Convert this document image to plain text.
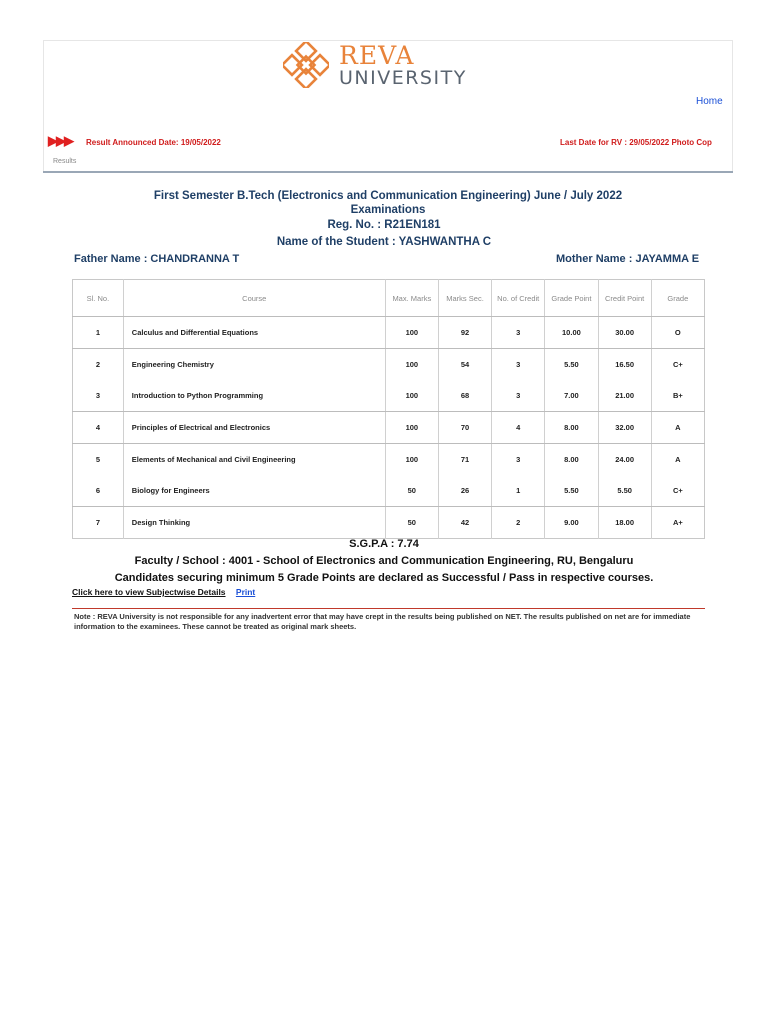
REVA
UNIVERSITY
Home
▶▶▶ Result Announced Date: 19/05/2022	Last Date for RV : 29/05/2022 Photo Cop
Results
First Semester B.Tech (Electronics and Communication Engineering) June / July 2022 Examinations
Reg. No. : R21EN181
Name of the Student : YASHWANTHA C
Father Name : CHANDRANNA T	Mother Name : JAYAMMA E
Sl. No.	Course	Max. Marks	Marks Sec.	No. of Credit	Grade Point	Credit Point	Grade
1	Calculus and Differential Equations	100	92	3	10.00	30.00	O
2	Engineering Chemistry	100	54	3	5.50	16.50	C+
3	Introduction to Python Programming	100	68	3	7.00	21.00	B+
4	Principles of Electrical and Electronics	100	70	4	8.00	32.00	A
5	Elements of Mechanical and Civil Engineering	100	71	3	8.00	24.00	A
6	Biology for Engineers	50	26	1	5.50	5.50	C+
7	Design Thinking	50	42	2	9.00	18.00	A+
S.G.P.A : 7.74
Faculty / School : 4001 - School of Electronics and Communication Engineering, RU, Bengaluru
Candidates securing minimum 5 Grade Points are declared as Successful / Pass in respective courses.
Click here to view Subjectwise Details Print
Note : REVA University is not responsible for any inadvertent error that may have crept in the results being published on NET. The results published on net are for immediate information to the examinees. These cannot be treated as original mark sheets.
